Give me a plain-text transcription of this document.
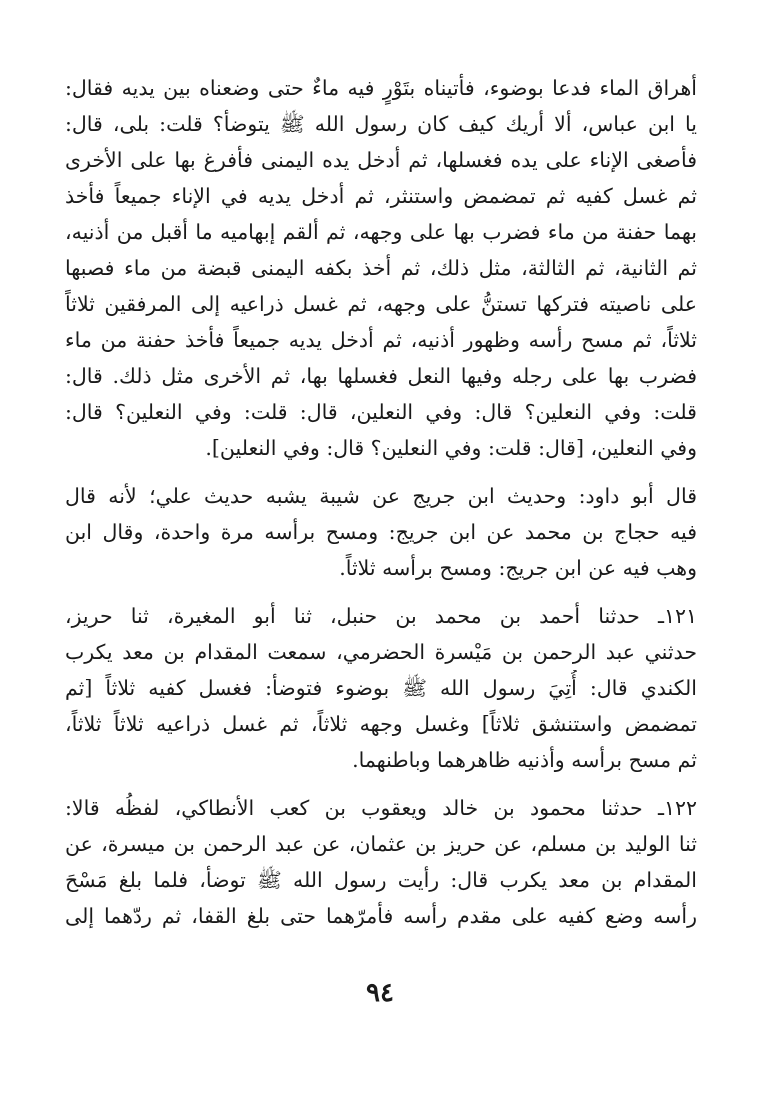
أهراق الماء فدعا بوضوء، فأتيناه بتَوْرٍ فيه ماءٌ حتى وضعناه بين يديه فقال:
يا ابن عباس، ألا أريك كيف كان رسول الله ﷺ يتوضأ؟ قلت: بلى، قال:
فأصغى الإناء على يده فغسلها، ثم أدخل يده اليمنى فأفرغ بها على الأخرى
ثم غسل كفيه ثم تمضمض واستنثر، ثم أدخل يديه في الإناء جميعاً فأخذ
بهما حفنة من ماء فضرب بها على وجهه، ثم ألقم إبهاميه ما أقبل من أذنيه،
ثم الثانية، ثم الثالثة، مثل ذلك، ثم أخذ بكفه اليمنى قبضة من ماء فصبها
على ناصيته فتركها تستنُّ على وجهه، ثم غسل ذراعيه إلى المرفقين ثلاثاً
ثلاثاً، ثم مسح رأسه وظهور أذنيه، ثم أدخل يديه جميعاً فأخذ حفنة من ماء
فضرب بها على رجله وفيها النعل فغسلها بها، ثم الأخرى مثل ذلك. قال:
قلت: وفي النعلين؟ قال: وفي النعلين، قال: قلت: وفي النعلين؟ قال:
وفي النعلين، [قال: قلت: وفي النعلين؟ قال: وفي النعلين].
قال أبو داود: وحديث ابن جريج عن شيبة يشبه حديث علي؛ لأنه قال
فيه حجاج بن محمد عن ابن جريج: ومسح برأسه مرة واحدة، وقال ابن
وهب فيه عن ابن جريج: ومسح برأسه ثلاثاً.
١٢١ـ حدثنا أحمد بن محمد بن حنبل، ثنا أبو المغيرة، ثنا حريز،
حدثني عبد الرحمن بن مَيْسرة الحضرمي، سمعت المقدام بن معد يكرب
الكندي قال: أُتِيَ رسول الله ﷺ بوضوء فتوضأ: فغسل كفيه ثلاثاً [ثم
تمضمض واستنشق ثلاثاً] وغسل وجهه ثلاثاً، ثم غسل ذراعيه ثلاثاً ثلاثاً،
ثم مسح برأسه وأذنيه ظاهرهما وباطنهما.
١٢٢ـ حدثنا محمود بن خالد ويعقوب بن كعب الأنطاكي، لفظُه قالا:
ثنا الوليد بن مسلم، عن حريز بن عثمان، عن عبد الرحمن بن ميسرة، عن
المقدام بن معد يكرب قال: رأيت رسول الله ﷺ توضأ، فلما بلغ مَسْحَ
رأسه وضع كفيه على مقدم رأسه فأمرّهما حتى بلغ القفا، ثم ردّهما إلى
٩٤
